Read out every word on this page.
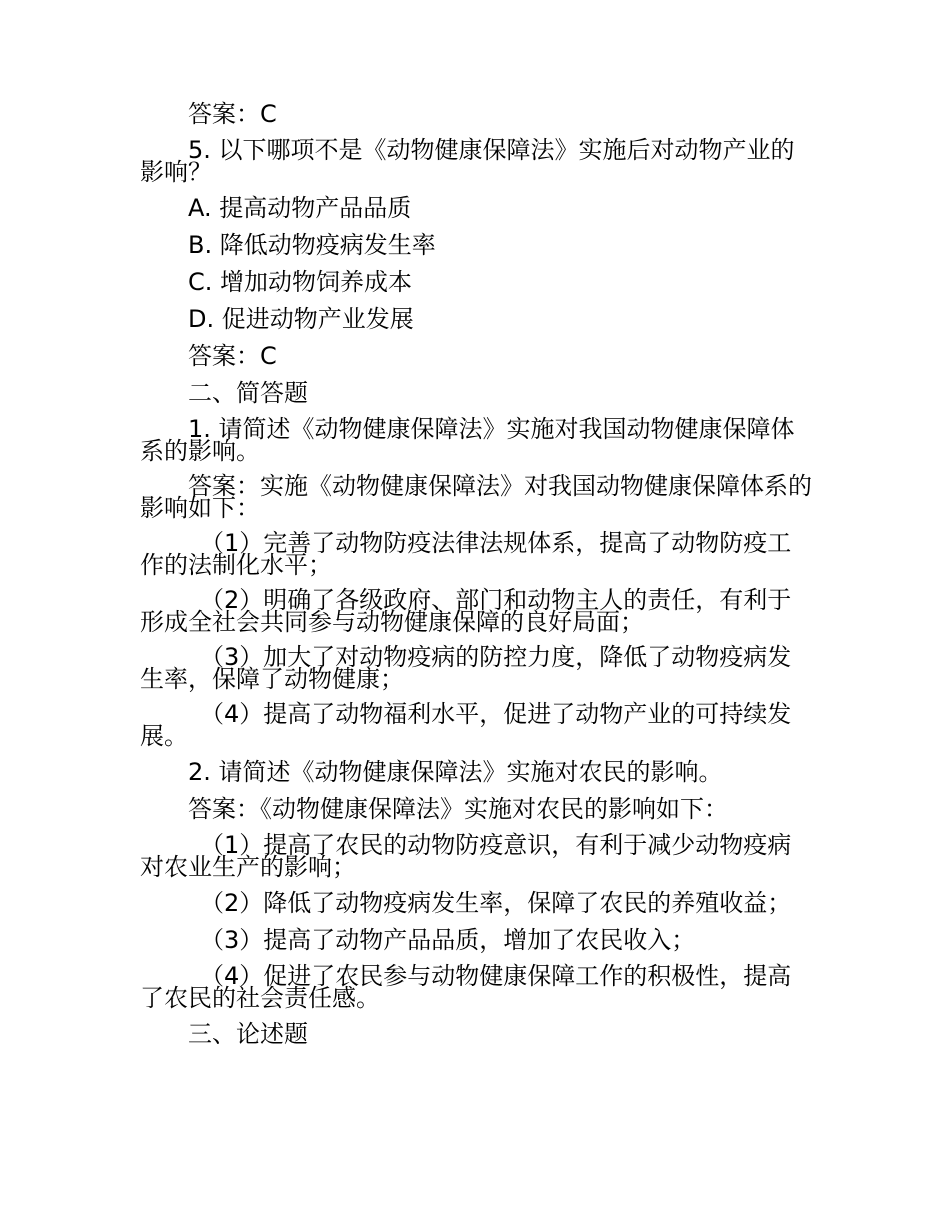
答案：C

5. 以下哪项不是《动物健康保障法》实施后对动物产业的影响？

A. 提高动物产品品质

B. 降低动物疫病发生率

C. 增加动物饲养成本

D. 促进动物产业发展

答案：C

二、简答题

1. 请简述《动物健康保障法》实施对我国动物健康保障体系的影响。

答案：实施《动物健康保障法》对我国动物健康保障体系的影响如下：

（1）完善了动物防疫法律法规体系，提高了动物防疫工作的法制化水平；

（2）明确了各级政府、部门和动物主人的责任，有利于形成全社会共同参与动物健康保障的良好局面；

（3）加大了对动物疫病的防控力度，降低了动物疫病发生率，保障了动物健康；

（4）提高了动物福利水平，促进了动物产业的可持续发展。

2. 请简述《动物健康保障法》实施对农民的影响。

答案：《动物健康保障法》实施对农民的影响如下：

（1）提高了农民的动物防疫意识，有利于减少动物疫病对农业生产的影响；

（2）降低了动物疫病发生率，保障了农民的养殖收益；

（3）提高了动物产品品质，增加了农民收入；

（4）促进了农民参与动物健康保障工作的积极性，提高了农民的社会责任感。

三、论述题
